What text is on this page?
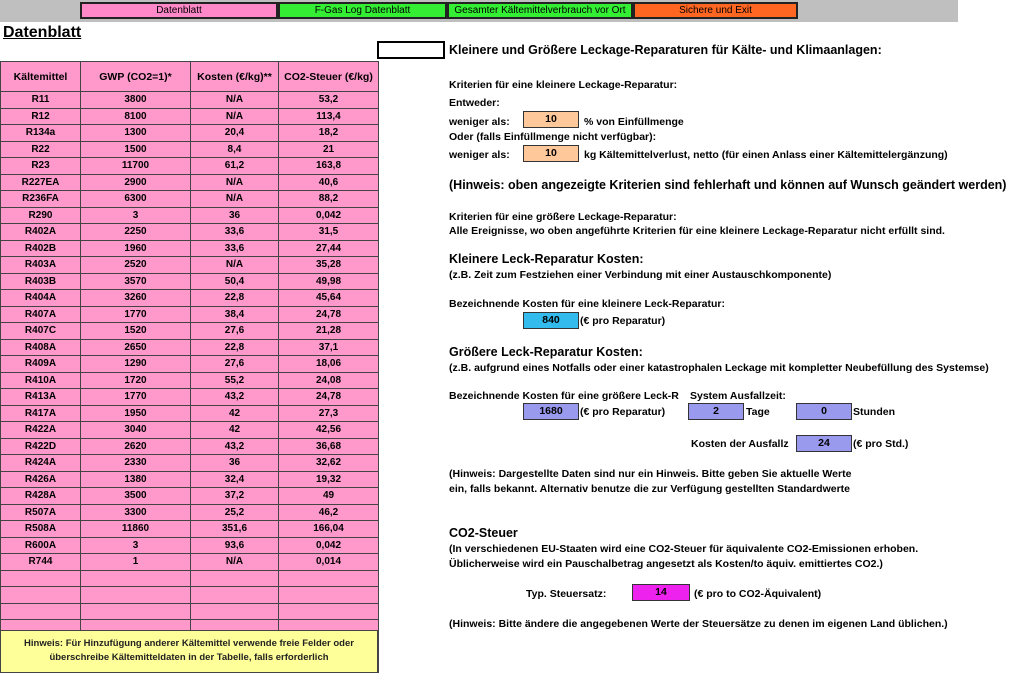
Datenblatt	F-Gas Log Datenblatt	Gesamter Kältemittelverbrauch vor Ort	Sichere und Exit
Datenblatt
Kältemittel	GWP (CO2=1)*	Kosten (€/kg)**	CO2-Steuer (€/kg)
R11	3800	N/A	53,2
R12	8100	N/A	113,4
R134a	1300	20,4	18,2
R22	1500	8,4	21
R23	11700	61,2	163,8
R227EA	2900	N/A	40,6
R236FA	6300	N/A	88,2
R290	3	36	0,042
R402A	2250	33,6	31,5
R402B	1960	33,6	27,44
R403A	2520	N/A	35,28
R403B	3570	50,4	49,98
R404A	3260	22,8	45,64
R407A	1770	38,4	24,78
R407C	1520	27,6	21,28
R408A	2650	22,8	37,1
R409A	1290	27,6	18,06
R410A	1720	55,2	24,08
R413A	1770	43,2	24,78
R417A	1950	42	27,3
R422A	3040	42	42,56
R422D	2620	43,2	36,68
R424A	2330	36	32,62
R426A	1380	32,4	19,32
R428A	3500	37,2	49
R507A	3300	25,2	46,2
R508A	11860	351,6	166,04
R600A	3	93,6	0,042
R744	1	N/A	0,014

Hinweis: Für Hinzufügung anderer Kältemittel verwende freie Felder oder überschreibe Kältemitteldaten in der Tabelle, falls erforderlich
Kleinere und Größere Leckage-Reparaturen für Kälte- und Klimaanlagen:
Kriterien für eine kleinere Leckage-Reparatur:
Entweder:
weniger als:	10	% von Einfüllmenge
Oder (falls Einfüllmenge nicht verfügbar):
weniger als:	10	kg Kältemittelverlust, netto (für einen Anlass einer Kältemittelergänzung)
(Hinweis: oben angezeigte Kriterien sind fehlerhaft und können auf Wunsch geändert werden)
Kriterien für eine größere Leckage-Reparatur:
Alle Ereignisse, wo oben angeführte Kriterien für eine kleinere Leckage-Reparatur nicht erfüllt sind.
Kleinere Leck-Reparatur Kosten:
(z.B. Zeit zum Festziehen einer Verbindung mit einer Austauschkomponente)
Bezeichnende Kosten für eine kleinere Leck-Reparatur:
840	(€ pro Reparatur)
Größere Leck-Reparatur Kosten:
(z.B. aufgrund eines Notfalls oder einer katastrophalen Leckage mit kompletter Neubefüllung des Systemse)
Bezeichnende Kosten für eine größere Leck-R System Ausfallzeit:
1680	(€ pro Reparatur)	2	Tage	0	Stunden
Kosten der Ausfallz	24	(€ pro Std.)
(Hinweis: Dargestellte Daten sind nur ein Hinweis. Bitte geben Sie aktuelle Werte
ein, falls bekannt. Alternativ benutze die zur Verfügung gestellten Standardwerte
CO2-Steuer
(In verschiedenen EU-Staaten wird eine CO2-Steuer für äquivalente CO2-Emissionen erhoben.
Üblicherweise wird ein Pauschalbetrag angesetzt als Kosten/to äquiv. emittiertes CO2.)
Typ. Steuersatz:	14	(€ pro to CO2-Äquivalent)
(Hinweis: Bitte ändere die angegebenen Werte der Steuersätze zu denen im eigenen Land üblichen.)
